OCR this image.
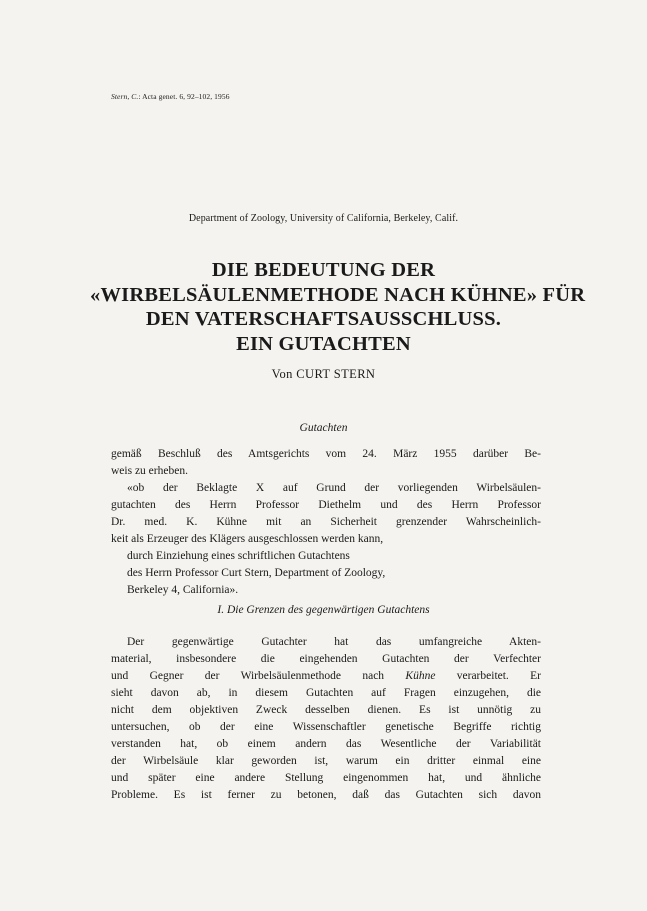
Stern, C.: Acta genet. 6, 92–102, 1956
Department of Zoology, University of California, Berkeley, Calif.
DIE BEDEUTUNG DER
«WIRBELSÄULENMETHODE NACH KÜHNE» FÜR
DEN VATERSCHAFTSAUSSCHLUSS.
EIN GUTACHTEN
Von CURT STERN
Gutachten

gemäß Beschluß des Amtsgerichts vom 24. März 1955 darüber Be-

weis zu erheben.

«ob der Beklagte X auf Grund der vorliegenden Wirbelsäulen-

gutachten des Herrn Professor Diethelm und des Herrn Professor

Dr. med. K. Kühne mit an Sicherheit grenzender Wahrscheinlich-

keit als Erzeuger des Klägers ausgeschlossen werden kann,

durch Einziehung eines schriftlichen Gutachtens

des Herrn Professor Curt Stern, Department of Zoology,

Berkeley 4, California».

I. Die Grenzen des gegenwärtigen Gutachtens

Der gegenwärtige Gutachter hat das umfangreiche Akten-

material, insbesondere die eingehenden Gutachten der Verfechter

und Gegner der Wirbelsäulenmethode nach Kühne verarbeitet. Er

sieht davon ab, in diesem Gutachten auf Fragen einzugehen, die

nicht dem objektiven Zweck desselben dienen. Es ist unnötig zu

untersuchen, ob der eine Wissenschaftler genetische Begriffe richtig

verstanden hat, ob einem andern das Wesentliche der Variabilität

der Wirbelsäule klar geworden ist, warum ein dritter einmal eine

und später eine andere Stellung eingenommen hat, und ähnliche

Probleme. Es ist ferner zu betonen, daß das Gutachten sich davon
